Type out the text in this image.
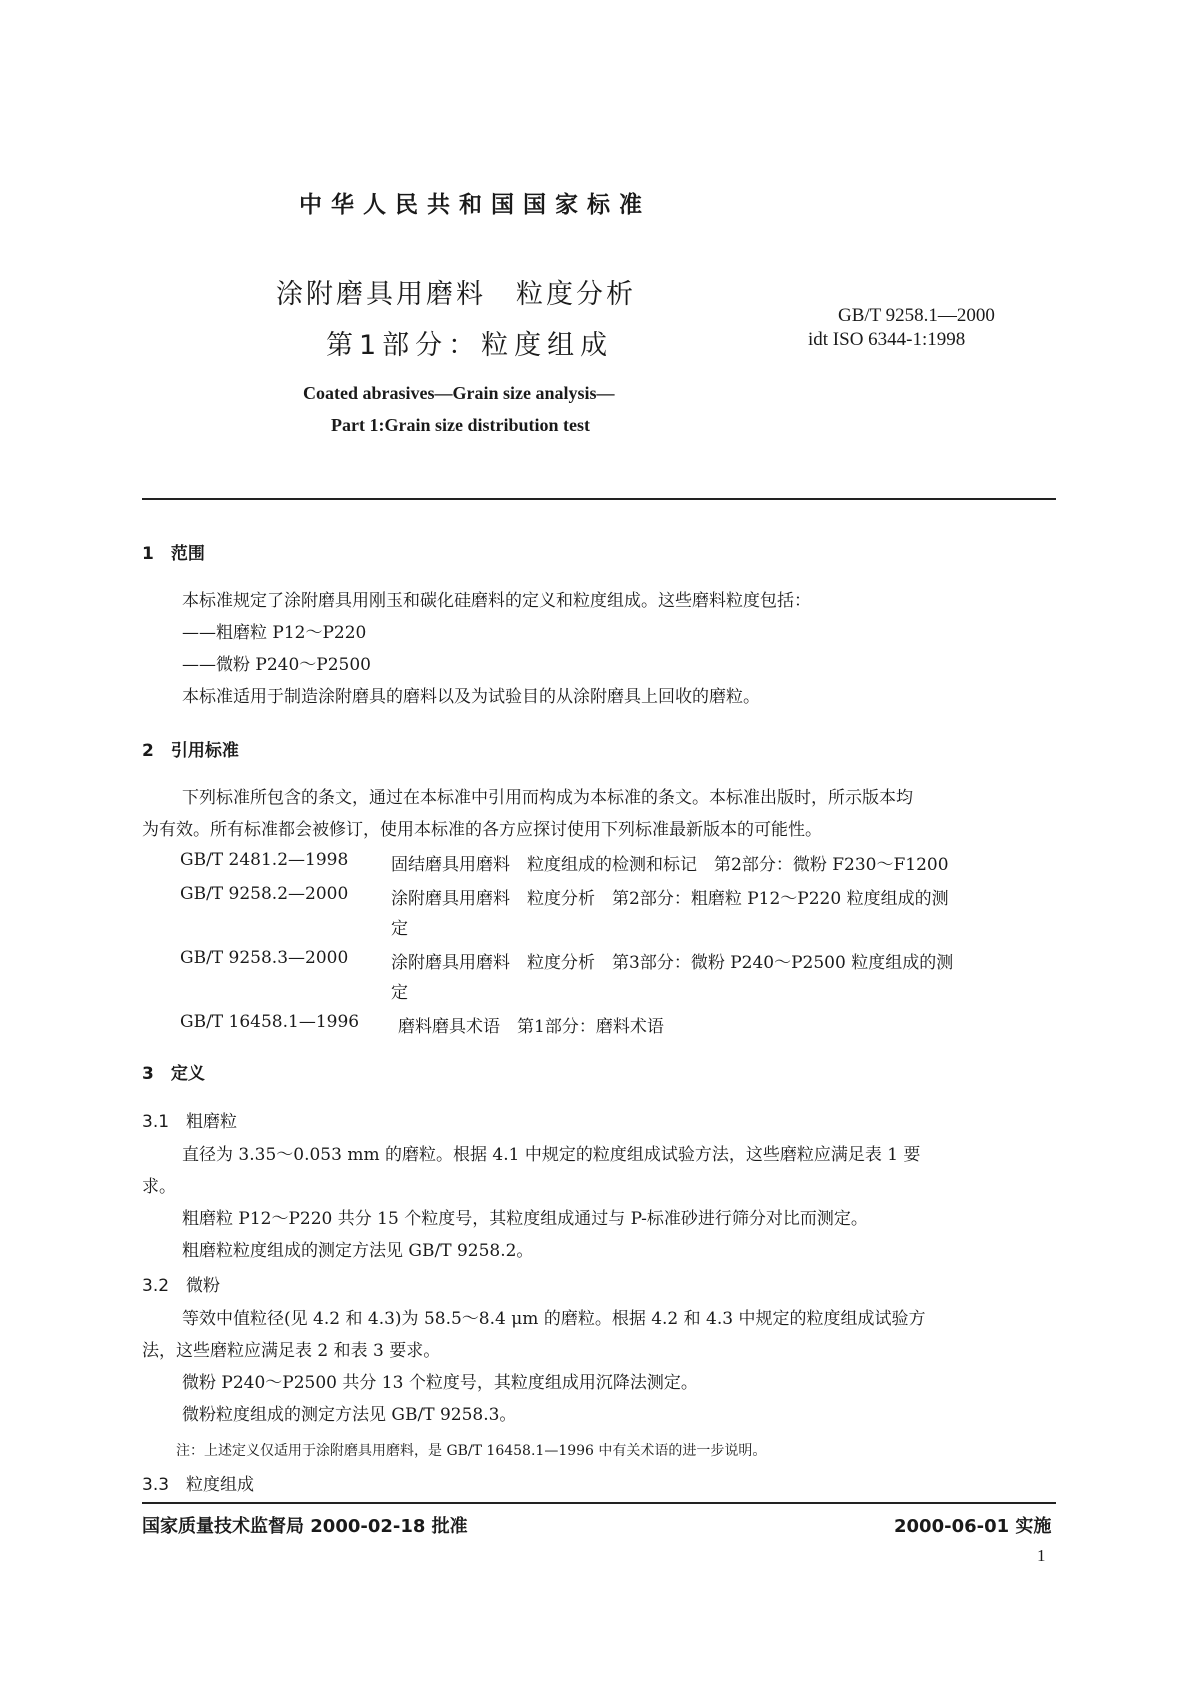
中华人民共和国国家标准
涂附磨具用磨料　粒度分析
第1部分：粒度组成
GB/T 9258.1—2000
idt ISO 6344-1:1998
Coated abrasives—Grain size analysis—
Part 1:Grain size distribution test
1　范围
本标准规定了涂附磨具用刚玉和碳化硅磨料的定义和粒度组成。这些磨料粒度包括：
——粗磨粒 P12～P220
——微粉 P240～P2500
本标准适用于制造涂附磨具的磨料以及为试验目的从涂附磨具上回收的磨粒。
2　引用标准
下列标准所包含的条文，通过在本标准中引用而构成为本标准的条文。本标准出版时，所示版本均
为有效。所有标准都会被修订，使用本标准的各方应探讨使用下列标准最新版本的可能性。
GB/T 2481.2—1998	固结磨具用磨料　粒度组成的检测和标记　第2部分：微粉 F230～F1200
GB/T 9258.2—2000	涂附磨具用磨料　粒度分析　第2部分：粗磨粒 P12～P220 粒度组成的测
定
GB/T 9258.3—2000	涂附磨具用磨料　粒度分析　第3部分：微粉 P240～P2500 粒度组成的测
定
GB/T 16458.1—1996 磨料磨具术语　第1部分：磨料术语
3　定义
3.1　粗磨粒
直径为 3.35～0.053 mm 的磨粒。根据 4.1 中规定的粒度组成试验方法，这些磨粒应满足表 1 要
求。
粗磨粒 P12～P220 共分 15 个粒度号，其粒度组成通过与 P-标准砂进行筛分对比而测定。
粗磨粒粒度组成的测定方法见 GB/T 9258.2。
3.2　微粉
等效中值粒径(见 4.2 和 4.3)为 58.5～8.4 μm 的磨粒。根据 4.2 和 4.3 中规定的粒度组成试验方
法，这些磨粒应满足表 2 和表 3 要求。
微粉 P240～P2500 共分 13 个粒度号，其粒度组成用沉降法测定。
微粉粒度组成的测定方法见 GB/T 9258.3。
注：上述定义仅适用于涂附磨具用磨料，是 GB/T 16458.1—1996 中有关术语的进一步说明。
3.3　粒度组成
国家质量技术监督局 2000-02-18 批准	2000-06-01 实施
1
